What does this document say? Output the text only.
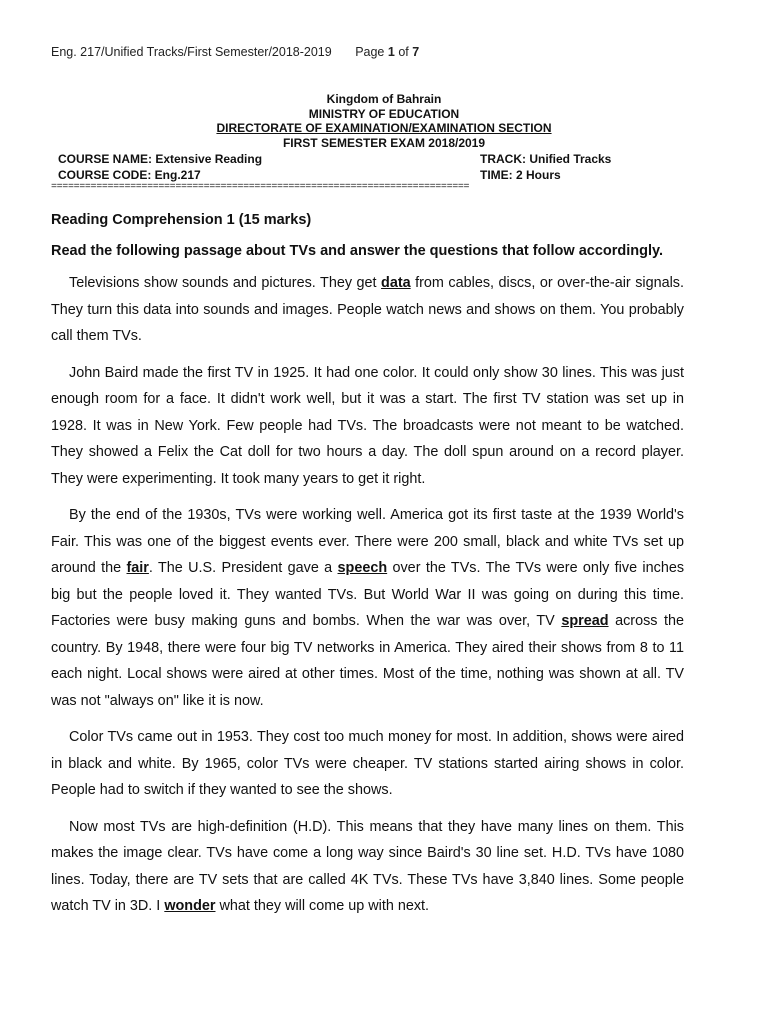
Eng. 217/Unified Tracks/First Semester/2018-2019 Page 1 of 7
Kingdom of Bahrain
MINISTRY OF EDUCATION
DIRECTORATE OF EXAMINATION/EXAMINATION SECTION
FIRST SEMESTER EXAM 2018/2019
COURSE NAME: Extensive Reading	TRACK: Unified Tracks
COURSE CODE: Eng.217	TIME: 2 Hours
==========================================================================
Reading Comprehension 1 (15 marks)
Read the following passage about TVs and answer the questions that follow accordingly.

Televisions show sounds and pictures. They get data from cables, discs, or over-the-air signals. They turn this data into sounds and images. People watch news and shows on them. You probably call them TVs.

John Baird made the first TV in 1925. It had one color. It could only show 30 lines. This was just enough room for a face. It didn't work well, but it was a start. The first TV station was set up in 1928. It was in New York. Few people had TVs. The broadcasts were not meant to be watched. They showed a Felix the Cat doll for two hours a day. The doll spun around on a record player. They were experimenting. It took many years to get it right.

By the end of the 1930s, TVs were working well. America got its first taste at the 1939 World's Fair. This was one of the biggest events ever. There were 200 small, black and white TVs set up around the fair. The U.S. President gave a speech over the TVs. The TVs were only five inches big but the people loved it. They wanted TVs. But World War II was going on during this time. Factories were busy making guns and bombs. When the war was over, TV spread across the country. By 1948, there were four big TV networks in America. They aired their shows from 8 to 11 each night. Local shows were aired at other times. Most of the time, nothing was shown at all. TV was not "always on" like it is now.

Color TVs came out in 1953. They cost too much money for most. In addition, shows were aired in black and white. By 1965, color TVs were cheaper. TV stations started airing shows in color. People had to switch if they wanted to see the shows.

Now most TVs are high-definition (H.D). This means that they have many lines on them. This makes the image clear. TVs have come a long way since Baird's 30 line set. H.D. TVs have 1080 lines. Today, there are TV sets that are called 4K TVs. These TVs have 3,840 lines. Some people watch TV in 3D. I wonder what they will come up with next.
